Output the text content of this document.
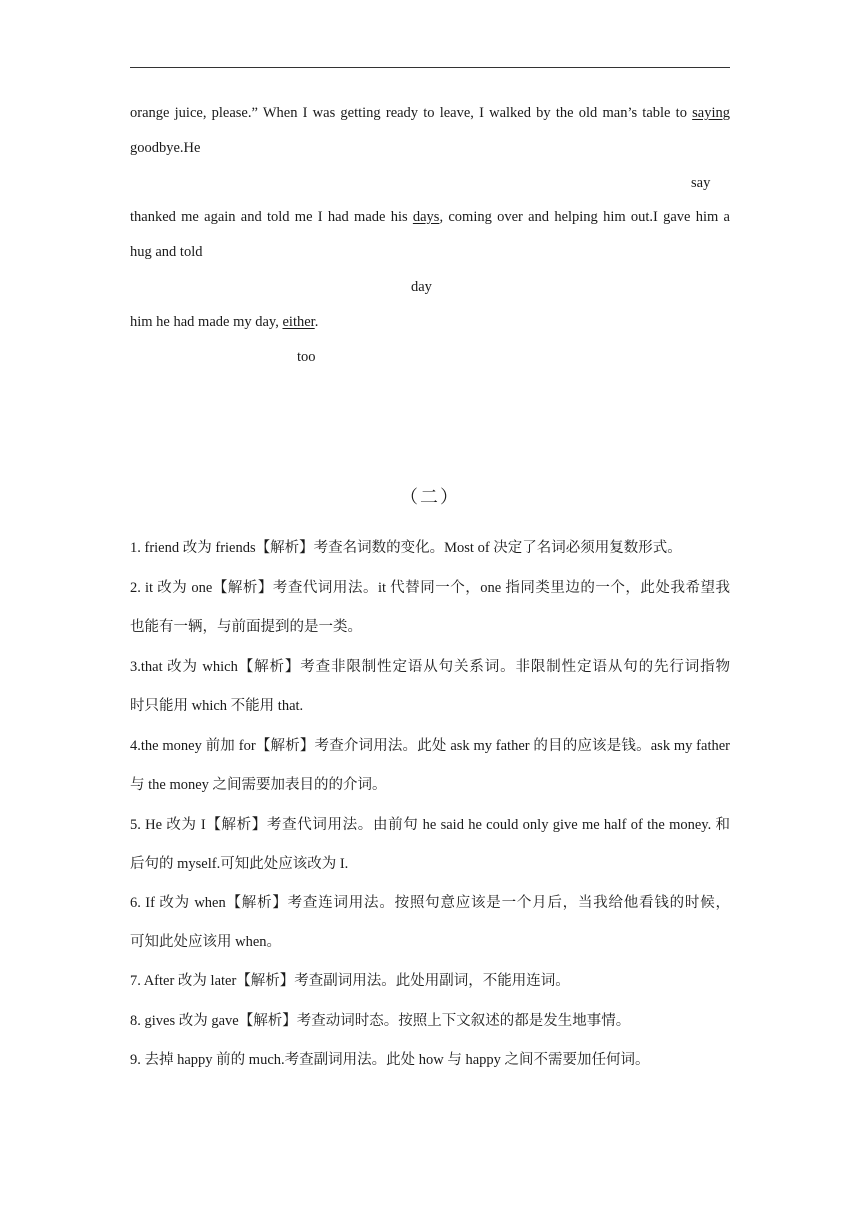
orange juice, please.” When I was getting ready to leave, I walked by the old man’s table to saying
goodbye.He
say
thanked me again and told me I had made his days, coming over and helping him out.I gave him a
hug and told
day
him he had made my day, either.
too
（二）
1. friend 改为 friends【解析】考查名词数的变化。Most of 决定了名词必须用复数形式。
2. it 改为 one【解析】考查代词用法。it 代替同一个，one 指同类里边的一个，此处我希望我
也能有一辆，与前面提到的是一类。
3.that 改为 which【解析】考查非限制性定语从句关系词。非限制性定语从句的先行词指物
时只能用 which 不能用 that.
4.the money 前加 for【解析】考查介词用法。此处 ask my father 的目的应该是钱。ask my father
与 the money 之间需要加表目的的介词。
5. He 改为 I【解析】考查代词用法。由前句 he said he could only give me half of the money. 和
后句的 myself.可知此处应该改为 I.
6. If 改为 when【解析】考查连词用法。按照句意应该是一个月后，当我给他看钱的时候，
可知此处应该用 when。
7. After 改为 later【解析】考查副词用法。此处用副词，不能用连词。
8. gives 改为 gave【解析】考查动词时态。按照上下文叙述的都是发生地事情。
9. 去掉 happy 前的 much.考查副词用法。此处 how 与 happy 之间不需要加任何词。
